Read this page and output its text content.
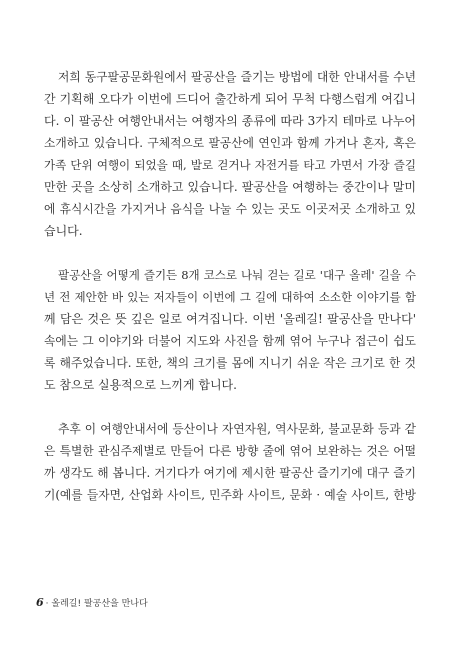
저희 동구팔공문화원에서 팔공산을 즐기는 방법에 대한 안내서를 수년
간 기획해 오다가 이번에 드디어 출간하게 되어 무척 다행스럽게 여깁니
다. 이 팔공산 여행안내서는 여행자의 종류에 따라 3가지 테마로 나누어
소개하고 있습니다. 구체적으로 팔공산에 연인과 함께 가거나 혼자, 혹은
가족 단위 여행이 되었을 때, 발로 걷거나 자전거를 타고 가면서 가장 즐길
만한 곳을 소상히 소개하고 있습니다. 팔공산을 여행하는 중간이나 말미
에 휴식시간을 가지거나 음식을 나눌 수 있는 곳도 이곳저곳 소개하고 있
습니다.

팔공산을 어떻게 즐기든 8개 코스로 나눠 걷는 길로 '대구 올레' 길을 수
년 전 제안한 바 있는 저자들이 이번에 그 길에 대하여 소소한 이야기를 함
께 담은 것은 뜻 깊은 일로 여겨집니다. 이번 '올레길! 팔공산을 만나다'
속에는 그 이야기와 더불어 지도와 사진을 함께 엮어 누구나 접근이 쉽도
록 해주었습니다. 또한, 책의 크기를 몸에 지니기 쉬운 작은 크기로 한 것
도 참으로 실용적으로 느끼게 합니다.

추후 이 여행안내서에 등산이나 자연자원, 역사문화, 불교문화 등과 같
은 특별한 관심주제별로 만들어 다른 방향 줄에 엮어 보완하는 것은 어떨
까 생각도 해 봅니다. 거기다가 여기에 제시한 팔공산 즐기기에 대구 즐기
기(예를 들자면, 산업화 사이트, 민주화 사이트, 문화 · 예술 사이트, 한방

6 · 올레길! 팔공산을 만나다
